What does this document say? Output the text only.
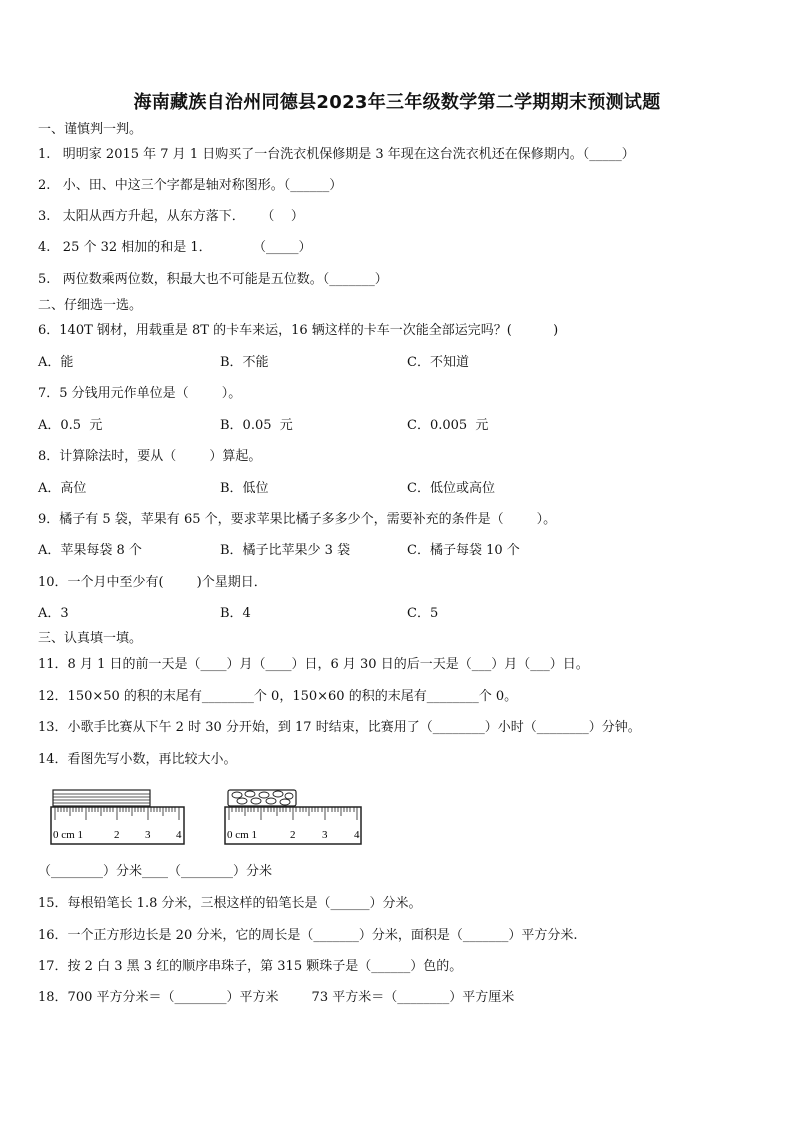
海南藏族自治州同德县2023年三年级数学第二学期期末预测试题
一、谨慎判一判。
1.   明明家 2015 年 7 月 1 日购买了一台洗衣机保修期是 3 年现在这台洗衣机还在保修期内。（_____）
2.   小、田、中这三个字都是轴对称图形。（______）
3.   太阳从西方升起，从东方落下．    （    ）
4.   25 个 32 相加的和是 1．          （_____）
5.   两位数乘两位数，积最大也不可能是五位数。（_______）
二、仔细选一选。
6．140T 钢材，用载重是 8T 的卡车来运，16 辆这样的卡车一次能全部运完吗？(          )
A．能	B．不能	C．不知道
7．5 分钱用元作单位是（        ）。
A．0.5  元	B．0.05  元	C．0.005  元
8．计算除法时，要从（        ）算起。
A．高位	B．低位	C．低位或高位
9．橘子有 5 袋，苹果有 65 个，要求苹果比橘子多多少个，需要补充的条件是（        ）。
A．苹果每袋 8 个	B．橘子比苹果少 3 袋	C．橘子每袋 10 个
10．一个月中至少有(        )个星期日．
A．3	B．4	C．5
三、认真填一填。
11．8 月 1 日的前一天是（____）月（____）日，6 月 30 日的后一天是（___）月（___）日。
12．150×50 的积的末尾有________个 0，150×60 的积的末尾有________个 0。
13．小歌手比赛从下午 2 时 30 分开始，到 17 时结束，比赛用了（________）小时（________）分钟。
14．看图先写小数，再比较大小。
0 cm 1	2 3 4	0 cm 1	2 3 4
（________）分米____（________）分米
15．每根铅笔长 1.8 分米，三根这样的铅笔长是（______）分米。
16．一个正方形边长是 20 分米，它的周长是（_______）分米，面积是（_______）平方分米.
17．按 2 白 3 黑 3 红的顺序串珠子，第 315 颗珠子是（______）色的。
18．700 平方分米＝（________）平方米        73 平方米＝（________）平方厘米
